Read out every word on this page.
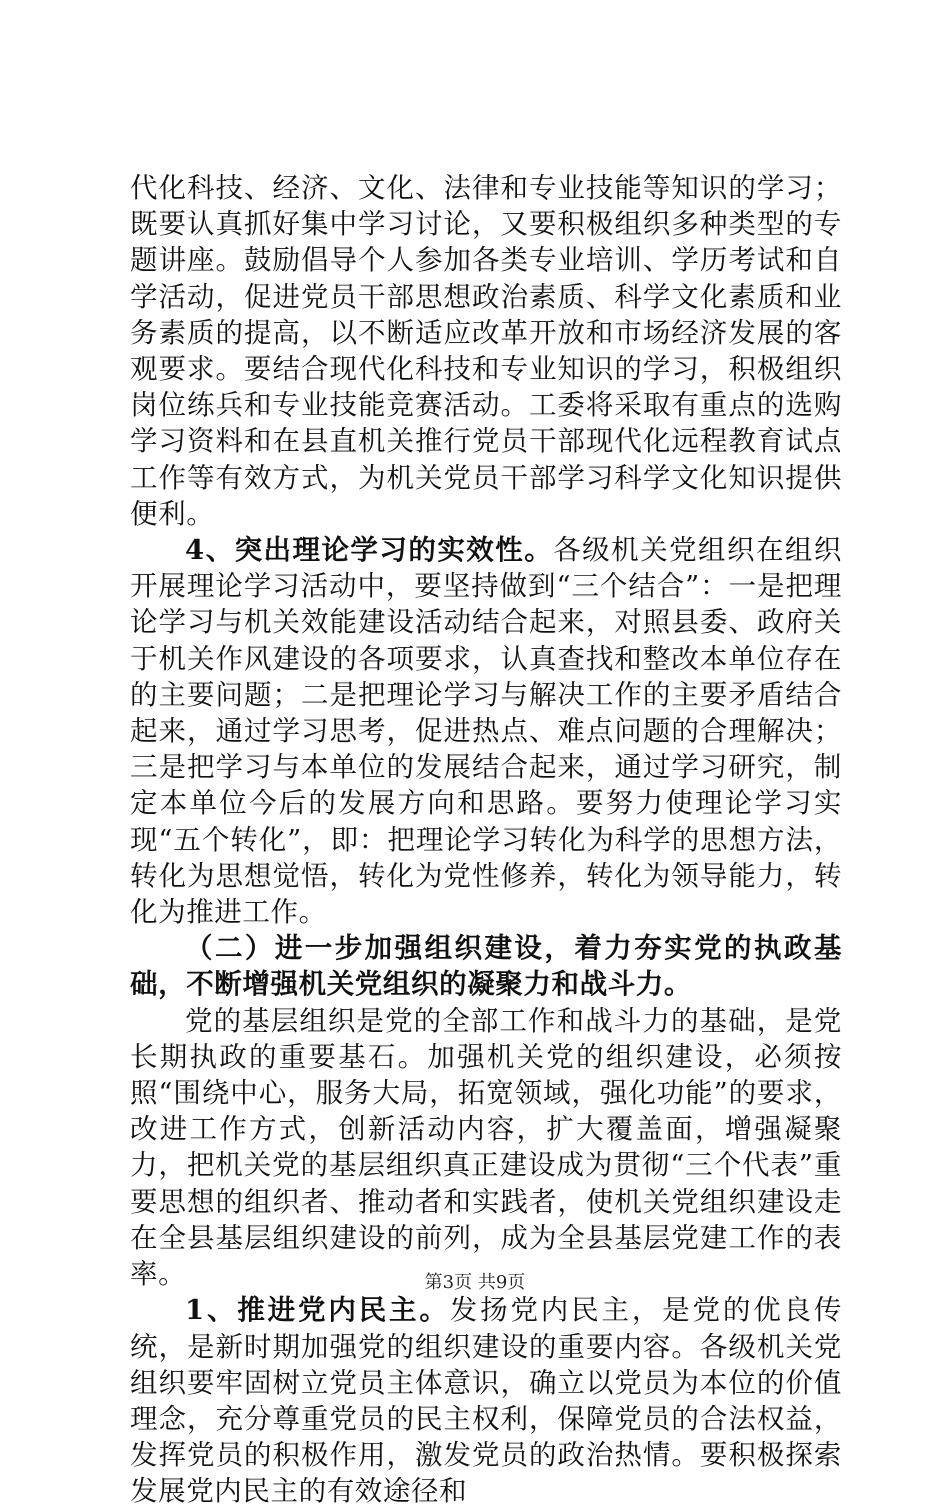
代化科技、经济、文化、法律和专业技能等知识的学习；既要认真抓好集中学习讨论，又要积极组织多种类型的专题讲座。鼓励倡导个人参加各类专业培训、学历考试和自学活动，促进党员干部思想政治素质、科学文化素质和业务素质的提高，以不断适应改革开放和市场经济发展的客观要求。要结合现代化科技和专业知识的学习，积极组织岗位练兵和专业技能竞赛活动。工委将采取有重点的选购学习资料和在县直机关推行党员干部现代化远程教育试点工作等有效方式，为机关党员干部学习科学文化知识提供便利。

4、突出理论学习的实效性。各级机关党组织在组织开展理论学习活动中，要坚持做到“三个结合”：一是把理论学习与机关效能建设活动结合起来，对照县委、政府关于机关作风建设的各项要求，认真查找和整改本单位存在的主要问题；二是把理论学习与解决工作的主要矛盾结合起来，通过学习思考，促进热点、难点问题的合理解决；三是把学习与本单位的发展结合起来，通过学习研究，制定本单位今后的发展方向和思路。要努力使理论学习实现“五个转化”，即：把理论学习转化为科学的思想方法，转化为思想觉悟，转化为党性修养，转化为领导能力，转化为推进工作。

（二）进一步加强组织建设，着力夯实党的执政基础，不断增强机关党组织的凝聚力和战斗力。

党的基层组织是党的全部工作和战斗力的基础，是党长期执政的重要基石。加强机关党的组织建设，必须按照“围绕中心，服务大局，拓宽领域，强化功能”的要求，改进工作方式，创新活动内容，扩大覆盖面，增强凝聚力，把机关党的基层组织真正建设成为贯彻“三个代表”重要思想的组织者、推动者和实践者，使机关党组织建设走在全县基层组织建设的前列，成为全县基层党建工作的表率。

1、推进党内民主。发扬党内民主，是党的优良传统，是新时期加强党的组织建设的重要内容。各级机关党组织要牢固树立党员主体意识，确立以党员为本位的价值理念，充分尊重党员的民主权利，保障党员的合法权益，发挥党员的积极作用，激发党员的政治热情。要积极探索发展党内民主的有效途径和

第3页 共9页
